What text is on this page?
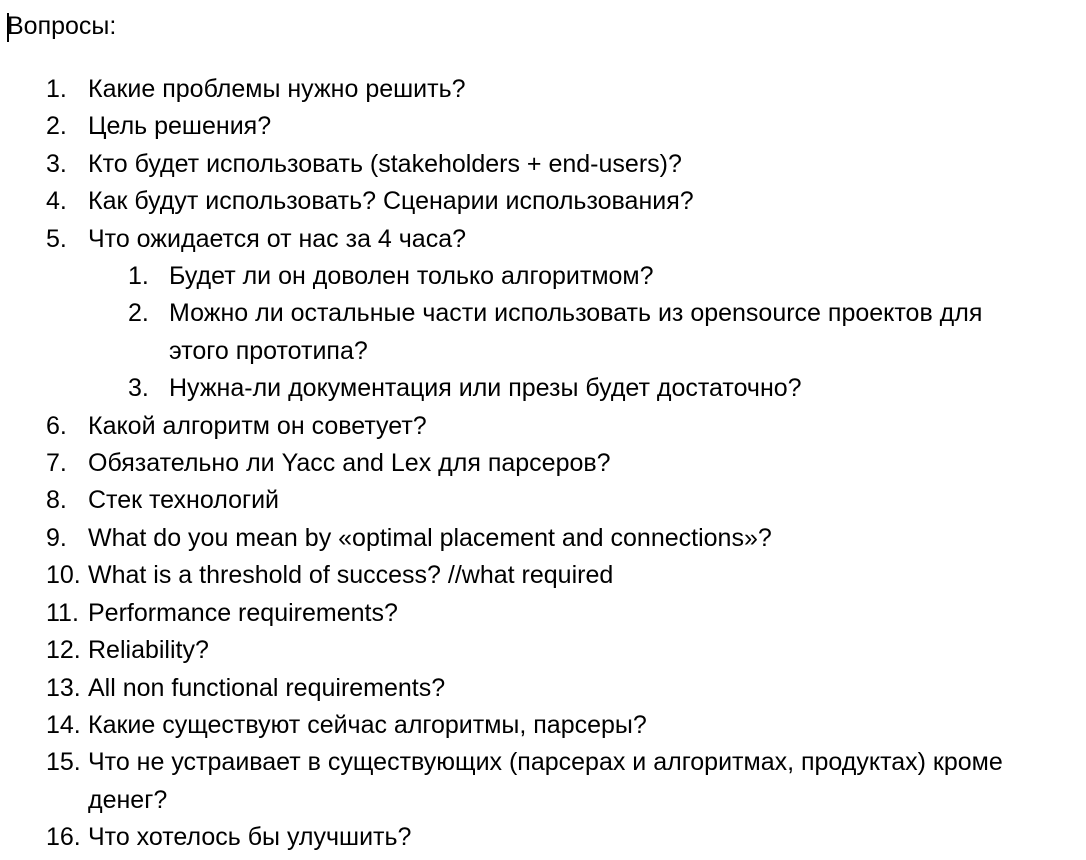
Вопросы:
1. Какие проблемы нужно решить?
2. Цель решения?
3. Кто будет использовать (stakeholders + end-users)?
4. Как будут использовать? Сценарии использования?
5. Что ожидается от нас за 4 часа?
1. Будет ли он доволен только алгоритмом?
2. Можно ли остальные части использовать из opensource проектов для этого прототипа?
3. Нужна-ли документация или презы будет достаточно?
6. Какой алгоритм он советует?
7. Обязательно ли Yacc and Lex для парсеров?
8. Стек технологий
9. What do you mean by «optimal placement and connections»?
10. What is a threshold of success? //what required
11. Performance requirements?
12. Reliability?
13. All non functional requirements?
14. Какие существуют сейчас алгоритмы, парсеры?
15. Что не устраивает в существующих (парсерах и алгоритмах, продуктах) кроме денег?
16. Что хотелось бы улучшить?
